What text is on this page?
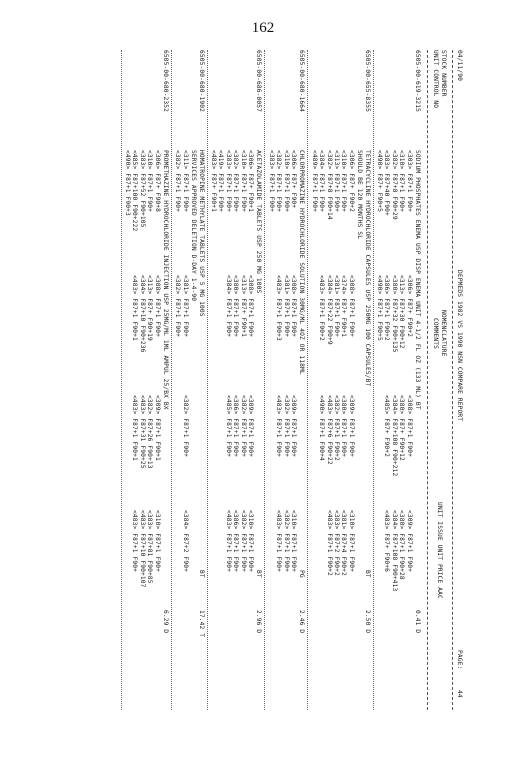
162
04/11/90
DEPMEDS 1982 VS 1990 NSN COMPARE REPORT
PAGE:
44
STOCK NUMBER
UNIT CONTROL NO
NOMENCLATURE
COMMENTS
UNIT ISSUE UNIT PRICE AAC
6505-00-619-3215
SODIUM PHOSPHATES ENEMA USP DISP ENEMA UNIT 4-1/2 FL OZ (133 ML) BT
0.41 D
<303> F87+1 F90+
<310> F87+1 F90+
<382> F87+8 F90+29
<383> F87+40 F90+
<490> F87+ F90+5
<306> F87+ F90+2
<313> F87+30 F90+12
<380> F87+32 F90+135
<386> F87+1 F90+2
<490> F87+1 F90+5
<308> F87+1 F90+
<380> F87+ F90+12
<384> F87+108 F90+212
<485> F87+ F90+2
<309> F87+1 F90+
<380> F87+1 F90+28
<384> F87+108 F90+413
<483> F87+ F90+6
6505-00-655-8355
TETRACYCLINE HYDROCHLORIDE CAPSULES USP 250MG 100 CAPSULES/BT
BT
2.50 D
SHOULD BE 120 MONTHS SL
<306> F87+ F90+2
<310> F87+1 F90+
<313> F87+1 F90+
<382> F87+8 F90+14
<384> F87+1 F90+
<489> F87+1 F90+
<308> F87+1 F90+
<374> F87+ F90+1
<381> F87+1 F90+
<384> F87+22 F90+9
<483> F87+1 F90+2
<309> F87+1 F90+
<380> F87+1 F90+
<382> F87+1 F90+2
<483> F87+6 F90+22
<490> F87+1 F90+4
<310> F87+1 F90+
<381> F87+4 F90+2
<383> F87+2 F90+2
<483> F87+1 F90+2
6505-00-680-1664
CHLORPROMAZINE HYDROCHLORIDE SOLUTION 30MG/ML 4OZ OR 118ML
PG
2.46 D
<306> F87+ F90+
<310> F87+1 F90+
<382> F87+1 F90+
<383> F87+1 F90+
<308> F87+1 F90+
<381> F87+1 F90+
<483> F87+1 F90+3
<309> F87+1 F90+
<382> F87+1 F90+
<483> F87+1 F90+
<310> F87+1 F90+
<382> F87+1 F90+
<483> F87+1 F90+
6505-00-686-0057
ACETAZOLAMIDE TABLETS USP 250 MG 100S
BT
2.96 D
<306> F87+ F90+1
<310> F87+1 F90+
<382> F87+1 F90+
<383> F87+1 F90+
<419> F87+1 F90+
<483> F87+ F90+1
<308> F87+1 F90+
<313> F87+ F90+1
<380> F87+1 F90+
<384> F87+1 F90+
<309> F87+1 F90+
<382> F87+1 F90+
<386> F87+1 F90+
<485> F87+1 F90+
<310> F87+1 F90+
<382> F87+1 F90+
<386> F87+1 F90+
<483> F87+1 F90+
6505-00-680-1902
HOMATROPINE METHYLATE TABLETS USP 5 MG 100S
BT
17.42 T
SERVICES APPROVED DELETION D-DAY 1-4-90
<311> F87+1 F90+
<382> F87+1 F90+
<381> F87+1 F90+
<382> F87+1 F90+
<382> F87+1 F90+
<384> F87+2 F90+
6505-00-680-2352
PROMETHAZINE HYDROCHLORIDE INJECTION USP 25MG/ML 1ML AMPUL 25/BX BX
6.29 D
<306> F87+ F90+8
<310> F87+1 F90+
<383> F87+52 F90+105
<485> F87+100 F90+222
<490> F87+1 F90+3
<308> F87+1 F90+
<313> F87+ F90+19
<384> F87+10 F90+236
<483> F87+1 F90+1
<309> F87+1 F90+1
<382> F87+26 F90+13
<483> F87+31 F90+25
<483> F87+1 F90+1
<310> F87+1 F90+
<383> F87+81 F90+85
<483> F87+10 F90+107
<483> F87+1 F90+
